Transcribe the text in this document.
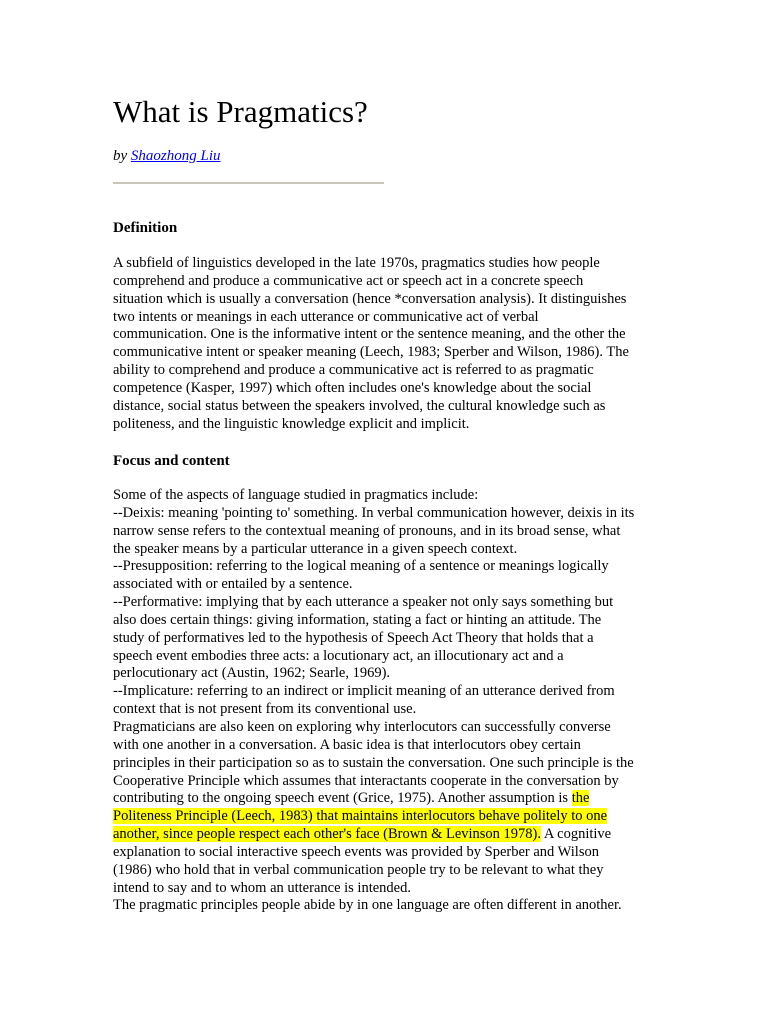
What is Pragmatics?
by Shaozhong Liu
Definition
A subfield of linguistics developed in the late 1970s, pragmatics studies how people
comprehend and produce a communicative act or speech act in a concrete speech
situation which is usually a conversation (hence *conversation analysis). It distinguishes
two intents or meanings in each utterance or communicative act of verbal
communication. One is the informative intent or the sentence meaning, and the other the
communicative intent or speaker meaning (Leech, 1983; Sperber and Wilson, 1986). The
ability to comprehend and produce a communicative act is referred to as pragmatic
competence (Kasper, 1997) which often includes one's knowledge about the social
distance, social status between the speakers involved, the cultural knowledge such as
politeness, and the linguistic knowledge explicit and implicit.
Focus and content
Some of the aspects of language studied in pragmatics include:
--Deixis: meaning 'pointing to' something. In verbal communication however, deixis in its
narrow sense refers to the contextual meaning of pronouns, and in its broad sense, what
the speaker means by a particular utterance in a given speech context.
--Presupposition: referring to the logical meaning of a sentence or meanings logically
associated with or entailed by a sentence.
--Performative: implying that by each utterance a speaker not only says something but
also does certain things: giving information, stating a fact or hinting an attitude. The
study of performatives led to the hypothesis of Speech Act Theory that holds that a
speech event embodies three acts: a locutionary act, an illocutionary act and a
perlocutionary act (Austin, 1962; Searle, 1969).
--Implicature: referring to an indirect or implicit meaning of an utterance derived from
context that is not present from its conventional use.
Pragmaticians are also keen on exploring why interlocutors can successfully converse
with one another in a conversation. A basic idea is that interlocutors obey certain
principles in their participation so as to sustain the conversation. One such principle is the
Cooperative Principle which assumes that interactants cooperate in the conversation by
contributing to the ongoing speech event (Grice, 1975). Another assumption is the
Politeness Principle (Leech, 1983) that maintains interlocutors behave politely to one
another, since people respect each other's face (Brown & Levinson 1978). A cognitive
explanation to social interactive speech events was provided by Sperber and Wilson
(1986) who hold that in verbal communication people try to be relevant to what they
intend to say and to whom an utterance is intended.
The pragmatic principles people abide by in one language are often different in another.
